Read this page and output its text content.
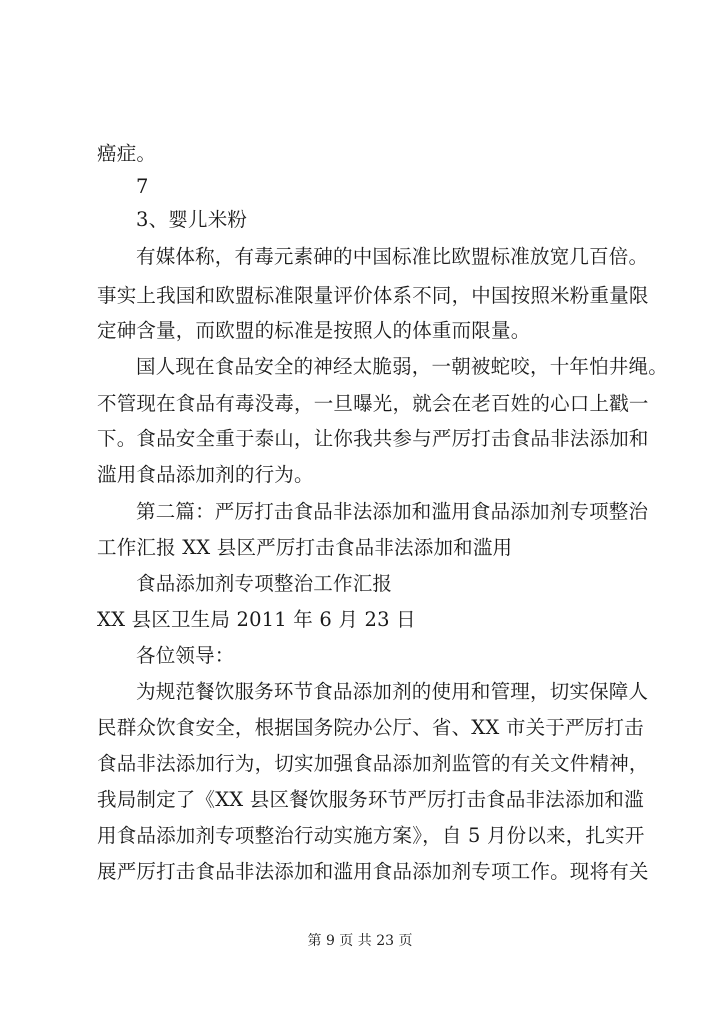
癌症。
7
3、婴儿米粉
有媒体称，有毒元素砷的中国标准比欧盟标准放宽几百倍。
事实上我国和欧盟标准限量评价体系不同，中国按照米粉重量限
定砷含量，而欧盟的标准是按照人的体重而限量。
国人现在食品安全的神经太脆弱，一朝被蛇咬，十年怕井绳。
不管现在食品有毒没毒，一旦曝光，就会在老百姓的心口上戳一
下。食品安全重于泰山，让你我共参与严厉打击食品非法添加和
滥用食品添加剂的行为。
第二篇：严厉打击食品非法添加和滥用食品添加剂专项整治
工作汇报 XX 县区严厉打击食品非法添加和滥用
食品添加剂专项整治工作汇报
XX 县区卫生局 2011 年 6 月 23 日
各位领导：
为规范餐饮服务环节食品添加剂的使用和管理，切实保障人
民群众饮食安全，根据国务院办公厅、省、XX 市关于严厉打击
食品非法添加行为，切实加强食品添加剂监管的有关文件精神，
我局制定了《XX 县区餐饮服务环节严厉打击食品非法添加和滥
用食品添加剂专项整治行动实施方案》，自 5 月份以来，扎实开
展严厉打击食品非法添加和滥用食品添加剂专项工作。现将有关
第 9 页 共 23 页
